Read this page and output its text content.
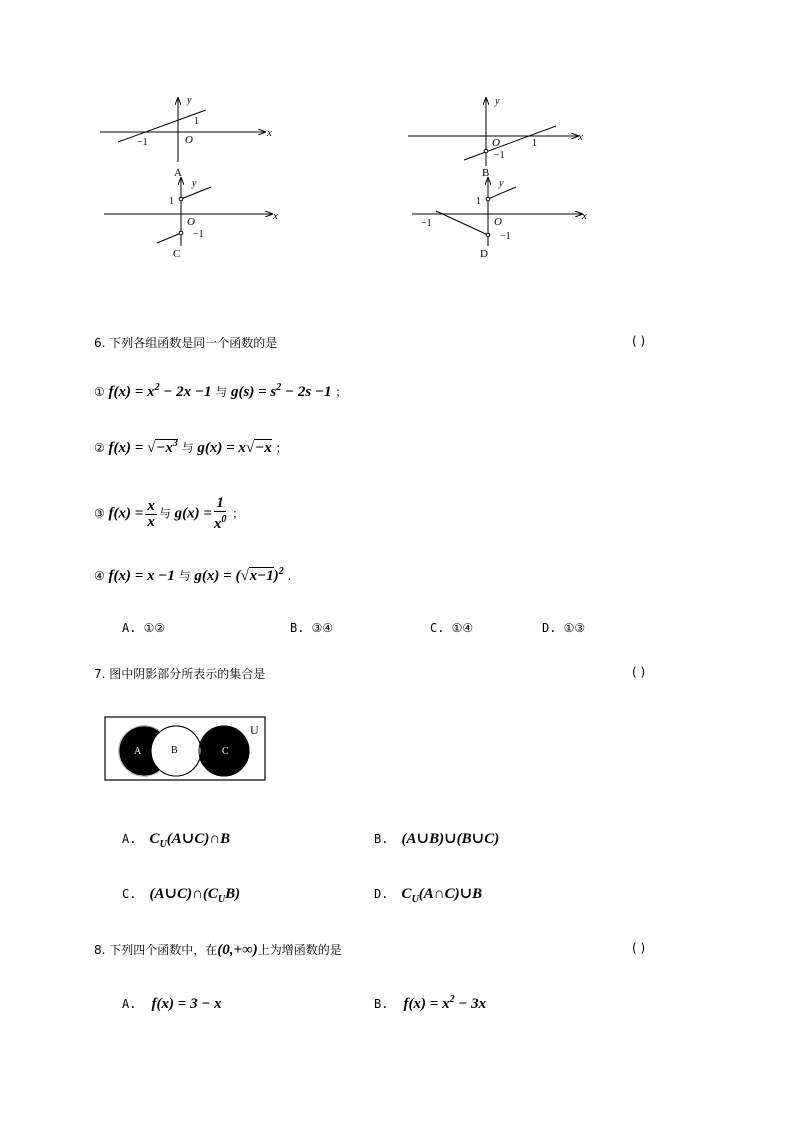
y
x
O
1
−1
A
y
x
O	1
−1
B
y
x
O
1
−1
C
y
x
O
1
−1
−1
D
6. 下列各组函数是同一个函数的是	( )
① $f(x) = x^2 - 2x -1$ 与 $g(s) = s^2 - 2s -1$ ；
② $f(x) = √-x^3$ 与 g(x) = x√−x ；
③ $f(x) = \frac{x}{x}$ 与 $g(x) = \frac{1}{x^0}$ ；
④ f(x) = x −1 与 $g(x) = (√x-1)^2$ .
A. ①②	B. ③④	C. ①④	D. ①③
7. 图中阴影部分所表示的集合是	( )
A	B	C
U
A. $C_U(A\cup C)\cap B$	B. (A∪B)∪(B∪C)
C. $(A\cup C)\cap(C_UB)$	D. $C_U(A\cap C)\cup B$
8. 下列四个函数中，在(0,+∞)上为增函数的是	( )
A. f(x) = 3 − x	B. $f(x) = x^2 - 3x$
